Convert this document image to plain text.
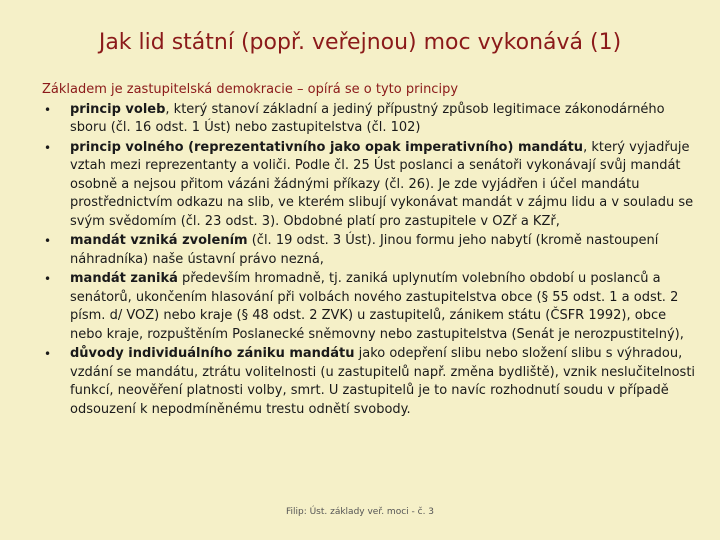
Jak lid státní (popř. veřejnou) moc vykonává (1)

Základem je zastupitelská demokracie – opírá se o tyto principy

• princip voleb, který stanoví základní a jediný přípustný způsob legitimace zákonodárného sboru (čl. 16 odst. 1 Úst) nebo zastupitelstva (čl. 102)
• princip volného (reprezentativního jako opak imperativního) mandátu, který vyjadřuje vztah mezi reprezentanty a voliči. Podle čl. 25 Úst poslanci a senátoři vykonávají svůj mandát osobně a nejsou přitom vázáni žádnými příkazy (čl. 26). Je zde vyjádřen i účel mandátu prostřednictvím odkazu na slib, ve kterém slibují vykonávat mandát v zájmu lidu a v souladu se svým svědomím (čl. 23 odst. 3). Obdobné platí pro zastupitele v OZř a KZř,
• mandát vzniká zvolením (čl. 19 odst. 3 Úst). Jinou formu jeho nabytí (kromě nastoupení náhradníka) naše ústavní právo nezná,
• mandát zaniká především hromadně, tj. zaniká uplynutím volebního období u poslanců a senátorů, ukončením hlasování při volbách nového zastupitelstva obce (§ 55 odst. 1 a odst. 2 písm. d/ VOZ) nebo kraje (§ 48 odst. 2 ZVK) u zastupitelů, zánikem státu (ČSFR 1992), obce nebo kraje, rozpuštěním Poslanecké sněmovny nebo zastupitelstva (Senát je nerozpustitelný),
• důvody individuálního zániku mandátu jako odepření slibu nebo složení slibu s výhradou, vzdání se mandátu, ztrátu volitelnosti (u zastupitelů např. změna bydliště), vznik neslučitelnosti funkcí, neověření platnosti volby, smrt. U zastupitelů je to navíc rozhodnutí soudu v případě odsouzení k nepodmíněnému trestu odnětí svobody.
Filip: Úst. základy veř. moci - č. 3
